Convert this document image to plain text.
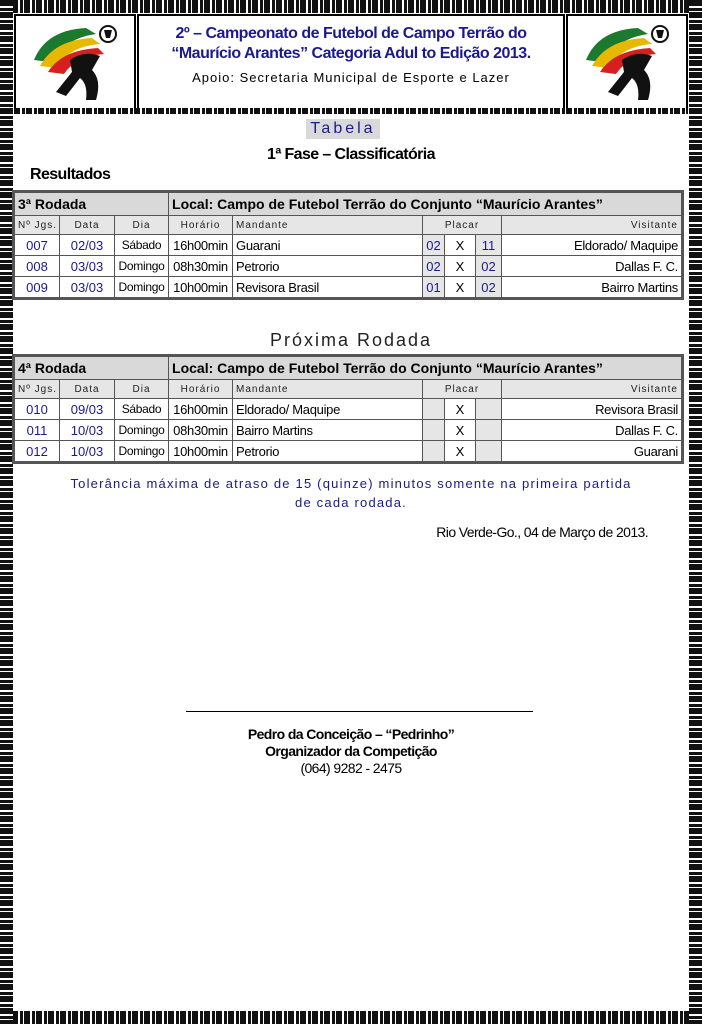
2º – Campeonato de Futebol de Campo Terrão do
“Maurício Arantes” Categoria Adul to Edição 2013.
Apoio: Secretaria Municipal de Esporte e Lazer
Tabela
1ª Fase – Classificatória
Resultados
3ª Rodada			Local: Campo de Futebol Terrão do Conjunto “Maurício Arantes”					
Nº Jgs.	Data	Dia	Horário	Mandante	Placar			Visitante
007	02/03	Sábado	16h00min	Guarani	02	X	11	Eldorado/ Maquipe
008	03/03	Domingo	08h30min	Petrorio	02	X	02	Dallas F. C.
009	03/03	Domingo	10h00min	Revisora Brasil	01	X	02	Bairro Martins
Próxima Rodada
4ª Rodada			Local: Campo de Futebol Terrão do Conjunto “Maurício Arantes”					
Nº Jgs.	Data	Dia	Horário	Mandante	Placar			Visitante
010	09/03	Sábado	16h00min	Eldorado/ Maquipe		X		Revisora Brasil
011	10/03	Domingo	08h30min	Bairro Martins		X		Dallas F. C.
012	10/03	Domingo	10h00min	Petrorio		X		Guarani
Tolerância máxima de atraso de 15 (quinze) minutos somente na primeira partida de cada rodada.
Rio Verde-Go., 04 de Março de 2013.
Pedro da Conceição – “Pedrinho”
Organizador da Competição
(064) 9282 - 2475
